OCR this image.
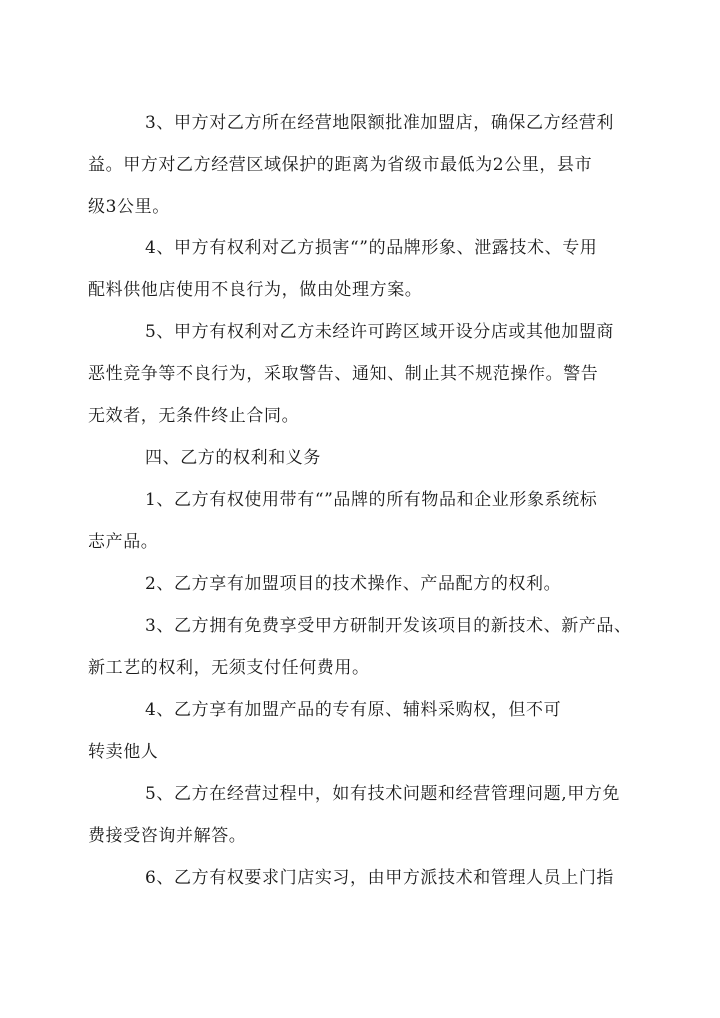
3、甲方对乙方所在经营地限额批准加盟店，确保乙方经营利
益。甲方对乙方经营区域保护的距离为省级市最低为2公里，县市
级3公里。
4、甲方有权利对乙方损害“”的品牌形象、泄露技术、专用
配料供他店使用不良行为，做由处理方案。
5、甲方有权利对乙方未经许可跨区域开设分店或其他加盟商
恶性竞争等不良行为，采取警告、通知、制止其不规范操作。警告
无效者，无条件终止合同。
四、乙方的权利和义务
1、乙方有权使用带有“”品牌的所有物品和企业形象系统标
志产品。
2、乙方享有加盟项目的技术操作、产品配方的权利。
3、乙方拥有免费享受甲方研制开发该项目的新技术、新产品、
新工艺的权利，无须支付任何费用。
4、乙方享有加盟产品的专有原、辅料采购权，但不可
转卖他人
5、乙方在经营过程中，如有技术问题和经营管理问题,甲方免
费接受咨询并解答。
6、乙方有权要求门店实习，由甲方派技术和管理人员上门指
